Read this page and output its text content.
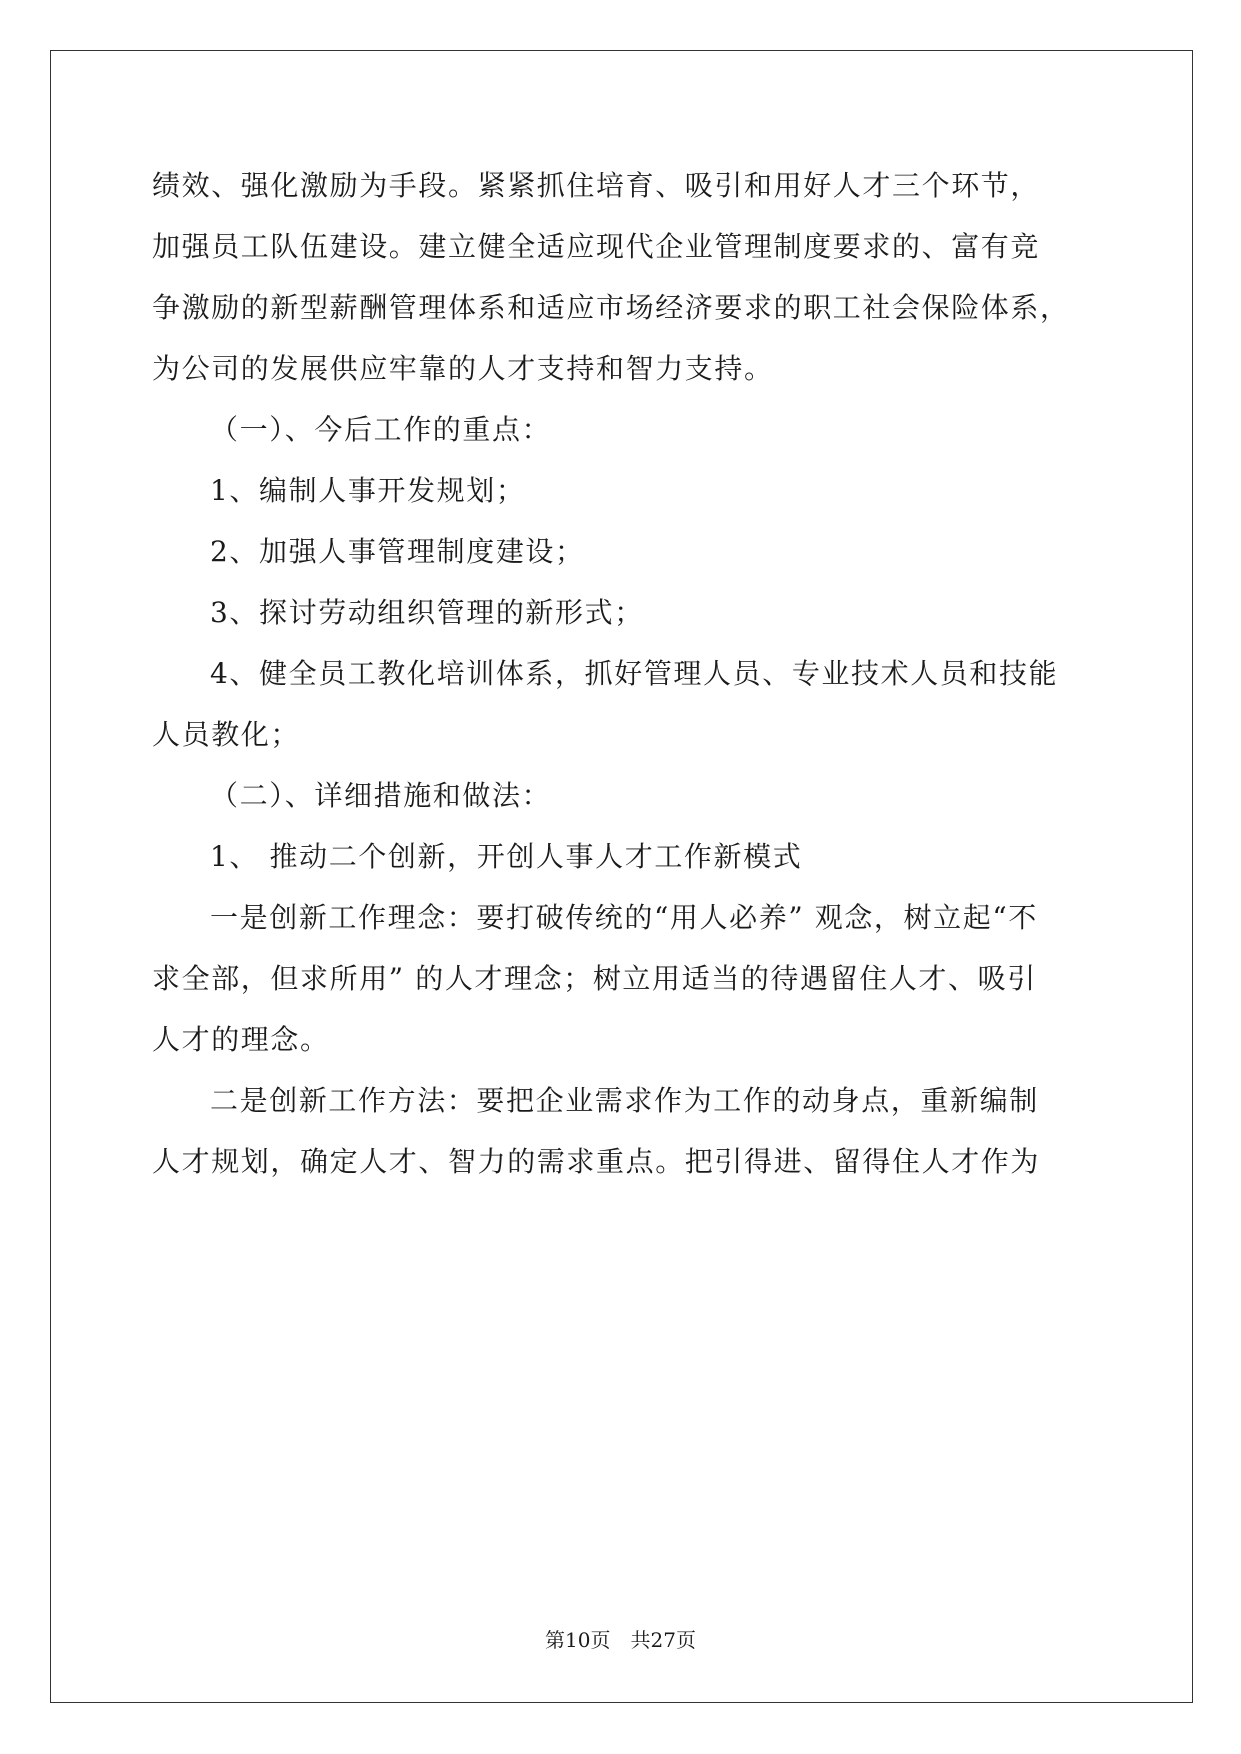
绩效、强化激励为手段。紧紧抓住培育、吸引和用好人才三个环节，
加强员工队伍建设。建立健全适应现代企业管理制度要求的、富有竞
争激励的新型薪酬管理体系和适应市场经济要求的职工社会保险体系，
为公司的发展供应牢靠的人才支持和智力支持。
（一）、今后工作的重点：
1、编制人事开发规划；
2、加强人事管理制度建设；
3、探讨劳动组织管理的新形式；
4、健全员工教化培训体系，抓好管理人员、专业技术人员和技能
人员教化；
（二）、详细措施和做法：
1、 推动二个创新，开创人事人才工作新模式
一是创新工作理念：要打破传统的“用人必养” 观念，树立起“不
求全部，但求所用” 的人才理念；树立用适当的待遇留住人才、吸引
人才的理念。
二是创新工作方法：要把企业需求作为工作的动身点，重新编制
人才规划，确定人才、智力的需求重点。把引得进、留得住人才作为
第10页　共27页
